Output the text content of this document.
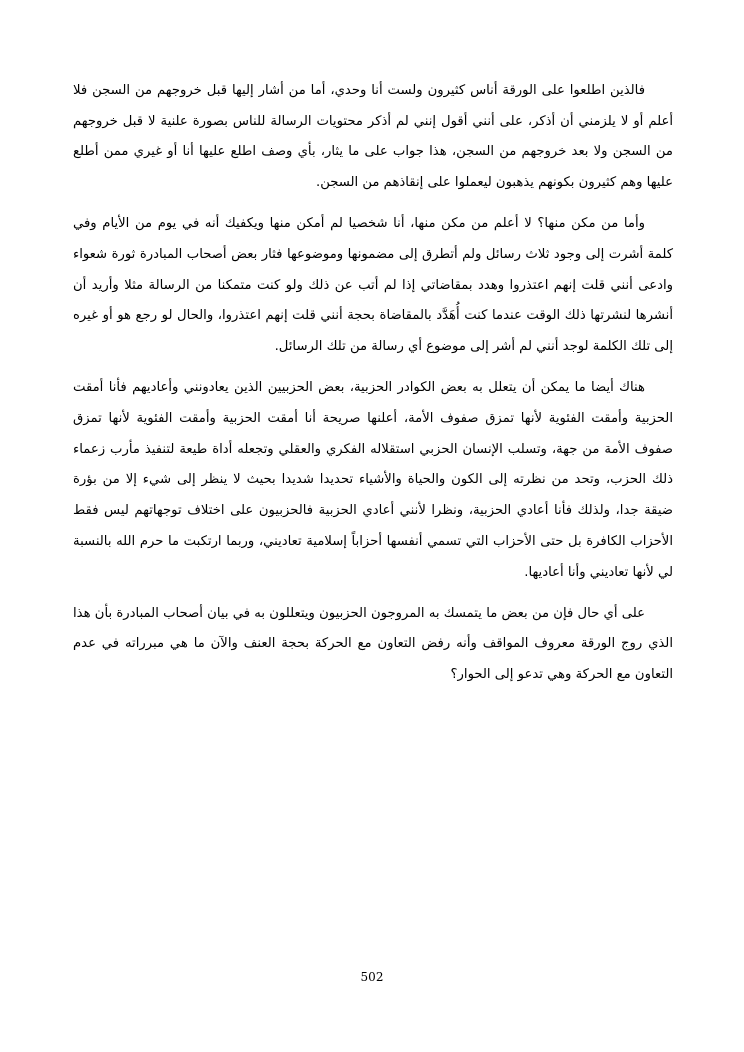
فالذين اطلعوا على الورقة أناس كثيرون ولست أنا وحدي، أما من أشار إليها قبل خروجهم من السجن فلا أعلم أو لا يلزمني أن أذكر، على أنني أقول إنني لم أذكر محتويات الرسالة للناس بصورة علنية لا قبل خروجهم من السجن ولا بعد خروجهم من السجن، هذا جواب على ما يثار، بأي وصف اطلع عليها أنا أو غيري ممن أطلع عليها وهم كثيرون بكونهم يذهبون ليعملوا على إنقاذهم من السجن.

وأما من مكن منها؟ لا أعلم من مكن منها، أنا شخصيا لم أمكن منها ويكفيك أنه في يوم من الأيام وفي كلمة أشرت إلى وجود ثلاث رسائل ولم أتطرق إلى مضمونها وموضوعها فثار بعض أصحاب المبادرة ثورة شعواء وادعى أنني قلت إنهم اعتذروا وهدد بمقاضاتي إذا لم أتب عن ذلك ولو كنت متمكنا من الرسالة مثلا وأريد أن أنشرها لنشرتها ذلك الوقت عندما كنت أُهَدَّد بالمقاضاة بحجة أنني قلت إنهم اعتذروا، والحال لو رجع هو أو غيره إلى تلك الكلمة لوجد أنني لم أشر إلى موضوع أي رسالة من تلك الرسائل.

هناك أيضا ما يمكن أن يتعلل به بعض الكوادر الحزبية، بعض الحزبيين الذين يعادونني وأعاديهم فأنا أمقت الحزبية وأمقت الفئوية لأنها تمزق صفوف الأمة، أعلنها صريحة أنا أمقت الحزبية وأمقت الفئوية لأنها تمزق صفوف الأمة من جهة، وتسلب الإنسان الحزبي استقلاله الفكري والعقلي وتجعله أداة طيعة لتنفيذ مأرب زعماء ذلك الحزب، وتحد من نظرته إلى الكون والحياة والأشياء تحديدا شديدا بحيث لا ينظر إلى شيء إلا من بؤرة ضيقة جدا، ولذلك فأنا أعادي الحزبية، ونظرا لأنني أعادي الحزبية فالحزبيون على اختلاف توجهاتهم ليس فقط الأحزاب الكافرة بل حتى الأحزاب التي تسمي أنفسها أحزاباً إسلامية تعاديني، وربما ارتكبت ما حرم الله بالنسبة لي لأنها تعاديني وأنا أعاديها.

على أي حال فإن من بعض ما يتمسك به المروجون الحزبيون ويتعللون به في بيان أصحاب المبادرة بأن هذا الذي روج الورقة معروف المواقف وأنه رفض التعاون مع الحركة بحجة العنف والآن ما هي مبرراته في عدم التعاون مع الحركة وهي تدعو إلى الحوار؟

502
